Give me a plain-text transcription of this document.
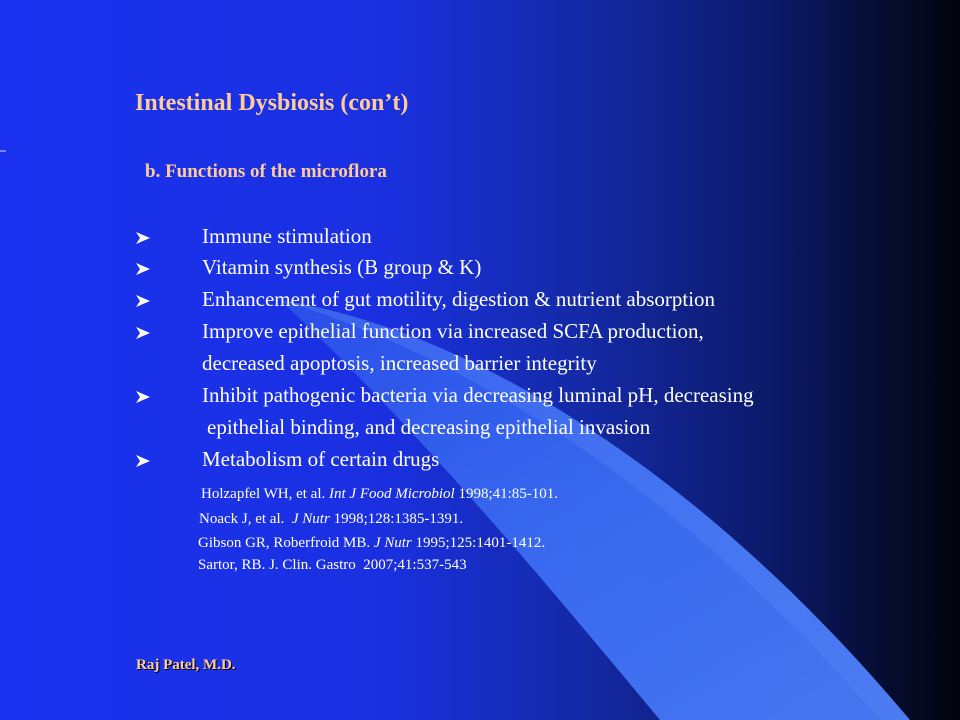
Intestinal Dysbiosis (con’t)
b. Functions of the microflora
Immune stimulation
Vitamin synthesis (B group & K)
Enhancement of gut motility, digestion & nutrient absorption
Improve epithelial function via increased SCFA production,
decreased apoptosis, increased barrier integrity
Inhibit pathogenic bacteria via decreasing luminal pH, decreasing
epithelial binding, and decreasing epithelial invasion
Metabolism of certain drugs
Holzapfel WH, et al. Int J Food Microbiol 1998;41:85-101.
Noack J, et al.  J Nutr 1998;128:1385-1391.
Gibson GR, Roberfroid MB. J Nutr 1995;125:1401-1412.
Sartor, RB. J. Clin. Gastro  2007;41:537-543
Raj Patel, M.D.
